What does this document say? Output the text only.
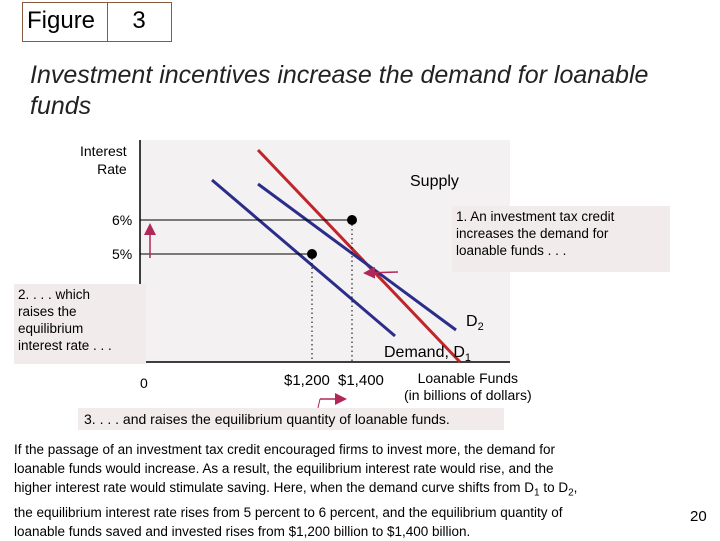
Figure	3
Investment incentives increase the demand for loanable funds
Interest
Rate
6%
5%
0	$1,200 $1,400	Loanable Funds
(in billions of dollars)
Supply
$D_2$
Demand, $D_1$
1. An investment tax credit
increases the demand for
loanable funds . . .
2. . . . which
raises the
equilibrium
interest rate . . .
3. . . . and raises the equilibrium quantity of loanable funds.
If the passage of an investment tax credit encouraged firms to invest more, the demand for
loanable funds would increase. As a result, the equilibrium interest rate would rise, and the
higher interest rate would stimulate saving. Here, when the demand curve shifts from $D_1$ to $D_2$,
the equilibrium interest rate rises from 5 percent to 6 percent, and the equilibrium quantity of
loanable funds saved and invested rises from $1,200 billion to $1,400 billion.
20
